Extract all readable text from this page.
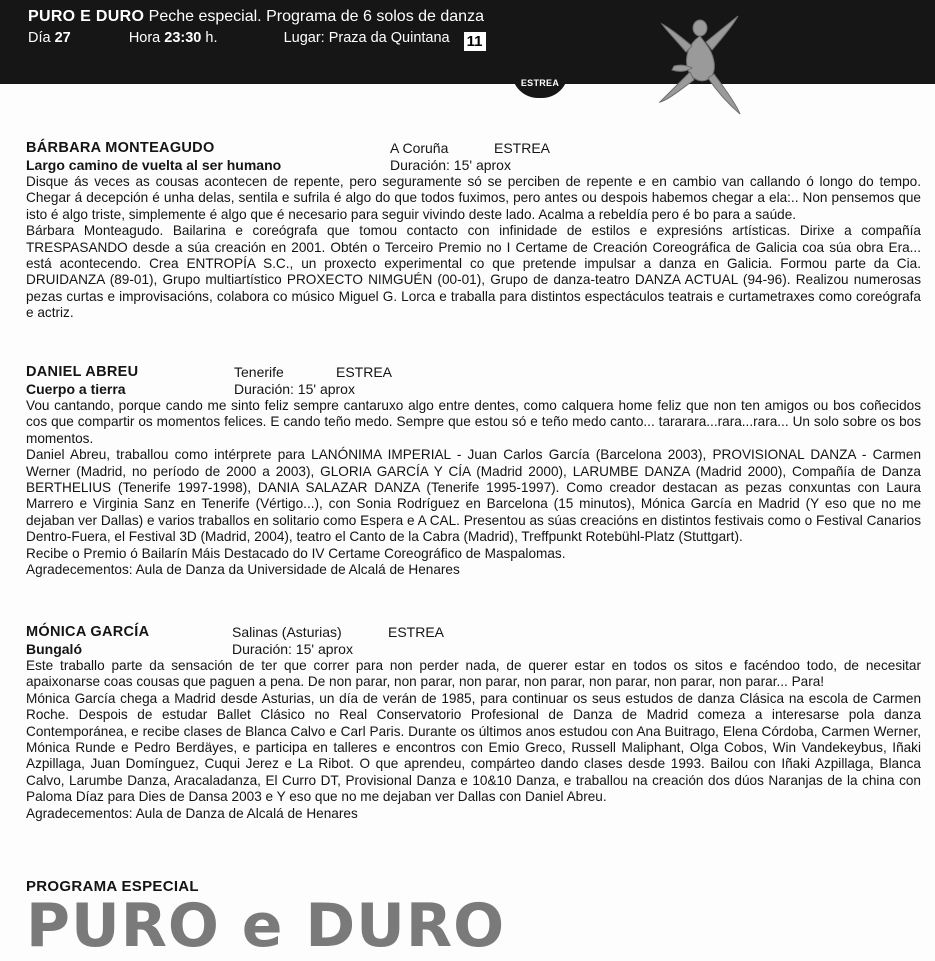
PURO E DURO Peche especial. Programa de 6 solos de danza
Día 27	Hora 23:30 h.	Lugar: Praza da Quintana 11
ESTREA
BÁRBARA MONTEAGUDO	A Coruña	ESTREA
Largo camino de vuelta al ser humano	Duración: 15' aprox

Disque ás veces as cousas acontecen de repente, pero seguramente só se perciben de repente e en cambio van callando ó longo do tempo. Chegar á decepción é unha delas, sentila e sufrila é algo do que todos fuximos, pero antes ou despois habemos chegar a ela:.. Non pensemos que isto é algo triste, simplemente é algo que é necesario para seguir vivindo deste lado. Acalma a rebeldía pero é bo para a saúde.

Bárbara Monteagudo. Bailarina e coreógrafa que tomou contacto con infinidade de estilos e expresións artísticas. Dirixe a compañía TRESPASANDO desde a súa creación en 2001. Obtén o Terceiro Premio no I Certame de Creación Coreográfica de Galicia coa súa obra Era... está acontecendo. Crea ENTROPÍA S.C., un proxecto experimental co que pretende impulsar a danza en Galicia. Formou parte da Cia. DRUIDANZA (89-01), Grupo multiartístico PROXECTO NIMGUÉN (00-01), Grupo de danza-teatro DANZA ACTUAL (94-96). Realizou numerosas pezas curtas e improvisacións, colabora co músico Miguel G. Lorca e traballa para distintos espectáculos teatrais e curtametraxes como coreógrafa e actriz.

DANIEL ABREU	Tenerife	ESTREA
Cuerpo a tierra	Duración: 15' aprox

Vou cantando, porque cando me sinto feliz sempre cantaruxo algo entre dentes, como calquera home feliz que non ten amigos ou bos coñecidos cos que compartir os momentos felices. E cando teño medo. Sempre que estou só e teño medo canto... tararara...rara...rara... Un solo sobre os bos momentos.

Daniel Abreu, traballou como intérprete para LANÓNIMA IMPERIAL - Juan Carlos García (Barcelona 2003), PROVISIONAL DANZA - Carmen Werner (Madrid, no período de 2000 a 2003), GLORIA GARCÍA Y CÍA (Madrid 2000), LARUMBE DANZA (Madrid 2000), Compañía de Danza BERTHELIUS (Tenerife 1997-1998), DANIA SALAZAR DANZA (Tenerife 1995-1997). Como creador destacan as pezas conxuntas con Laura Marrero e Virginia Sanz en Tenerife (Vértigo...), con Sonia Rodríguez en Barcelona (15 minutos), Mónica García en Madrid (Y eso que no me dejaban ver Dallas) e varios traballos en solitario como Espera e A CAL. Presentou as súas creacións en distintos festivais como o Festival Canarios Dentro-Fuera, el Festival 3D (Madrid, 2004), teatro el Canto de la Cabra (Madrid), Treffpunkt Rotebühl-Platz (Stuttgart).

Recibe o Premio ó Bailarín Máis Destacado do IV Certame Coreográfico de Maspalomas.

Agradecementos: Aula de Danza da Universidade de Alcalá de Henares

MÓNICA GARCÍA	Salinas (Asturias)	ESTREA
Bungaló	Duración: 15' aprox

Este traballo parte da sensación de ter que correr para non perder nada, de querer estar en todos os sitos e facéndoo todo, de necesitar apaixonarse coas cousas que paguen a pena. De non parar, non parar, non parar, non parar, non parar, non parar, non parar... Para!

Mónica García chega a Madrid desde Asturias, un día de verán de 1985, para continuar os seus estudos de danza Clásica na escola de Carmen Roche. Despois de estudar Ballet Clásico no Real Conservatorio Profesional de Danza de Madrid comeza a interesarse pola danza Contemporánea, e recibe clases de Blanca Calvo e Carl Paris. Durante os últimos anos estudou con Ana Buitrago, Elena Córdoba, Carmen Werner, Mónica Runde e Pedro Berdäyes, e participa en talleres e encontros con Emio Greco, Russell Maliphant, Olga Cobos, Win Vandekeybus, Iñaki Azpillaga, Juan Domínguez, Cuqui Jerez e La Ribot. O que aprendeu, compárteo dando clases desde 1993. Bailou con Iñaki Azpillaga, Blanca Calvo, Larumbe Danza, Aracaladanza, El Curro DT, Provisional Danza e 10&10 Danza, e traballou na creación dos dúos Naranjas de la china con Paloma Díaz para Dies de Dansa 2003 e Y eso que no me dejaban ver Dallas con Daniel Abreu.

Agradecementos: Aula de Danza de Alcalá de Henares

PROGRAMA ESPECIAL
PURO e DURO
